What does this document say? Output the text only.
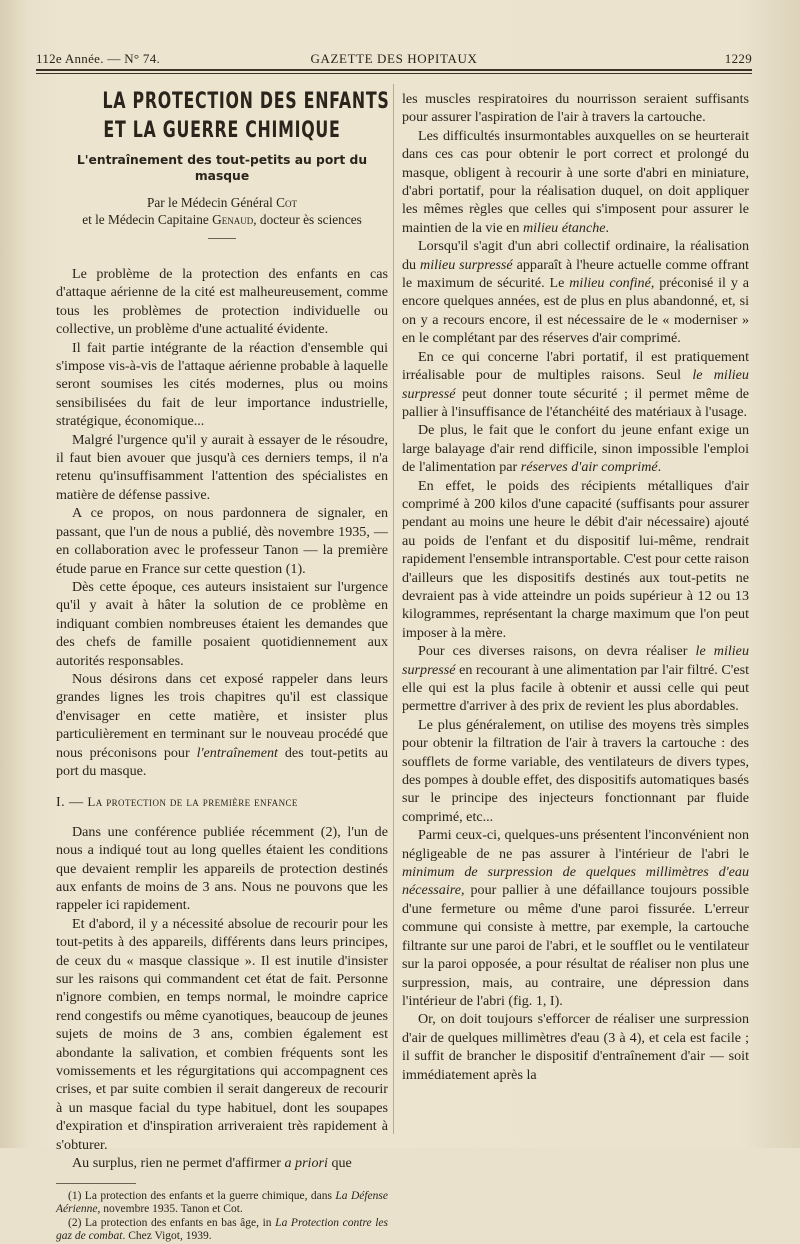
112e Année. — N° 74.	GAZETTE DES HOPITAUX	1229
LA PROTECTION DES ENFANTS
ET LA GUERRE CHIMIQUE
L'entraînement des tout-petits au port du masque
Par le Médecin Général Cot
et le Médecin Capitaine Genaud, docteur ès sciences

Le problème de la protection des enfants en cas d'attaque aérienne de la cité est malheureusement, comme tous les problèmes de protection individuelle ou collective, un problème d'une actualité évidente.

Il fait partie intégrante de la réaction d'ensemble qui s'impose vis-à-vis de l'attaque aérienne probable à laquelle seront soumises les cités modernes, plus ou moins sensibilisées du fait de leur importance industrielle, stratégique, économique...

Malgré l'urgence qu'il y aurait à essayer de le résoudre, il faut bien avouer que jusqu'à ces derniers temps, il n'a retenu qu'insuffisamment l'attention des spécialistes en matière de défense passive.

A ce propos, on nous pardonnera de signaler, en passant, que l'un de nous a publié, dès novembre 1935, — en collaboration avec le professeur Tanon — la première étude parue en France sur cette question (1).

Dès cette époque, ces auteurs insistaient sur l'urgence qu'il y avait à hâter la solution de ce problème en indiquant combien nombreuses étaient les demandes que des chefs de famille posaient quotidiennement aux autorités responsables.

Nous désirons dans cet exposé rappeler dans leurs grandes lignes les trois chapitres qu'il est classique d'envisager en cette matière, et insister plus particulièrement en terminant sur le nouveau procédé que nous préconisons pour l'entraînement des tout-petits au port du masque.

I. — La protection de la première enfance

Dans une conférence publiée récemment (2), l'un de nous a indiqué tout au long quelles étaient les conditions que devaient remplir les appareils de protection destinés aux enfants de moins de 3 ans. Nous ne pouvons que les rappeler ici rapidement.

Et d'abord, il y a nécessité absolue de recourir pour les tout-petits à des appareils, différents dans leurs principes, de ceux du « masque classique ». Il est inutile d'insister sur les raisons qui commandent cet état de fait. Personne n'ignore combien, en temps normal, le moindre caprice rend congestifs ou même cyanotiques, beaucoup de jeunes sujets de moins de 3 ans, combien également est abondante la salivation, et combien fréquents sont les vomissements et les régurgitations qui accompagnent ces crises, et par suite combien il serait dangereux de recourir à un masque facial du type habituel, dont les soupapes d'expiration et d'inspiration arriveraient très rapidement à s'obturer.

Au surplus, rien ne permet d'affirmer a priori que

(1) La protection des enfants et la guerre chimique, dans La Défense Aérienne, novembre 1935. Tanon et Cot.

(2) La protection des enfants en bas âge, in La Protection contre les gaz de combat. Chez Vigot, 1939.

les muscles respiratoires du nourrisson seraient suffisants pour assurer l'aspiration de l'air à travers la cartouche.

Les difficultés insurmontables auxquelles on se heurterait dans ces cas pour obtenir le port correct et prolongé du masque, obligent à recourir à une sorte d'abri en miniature, d'abri portatif, pour la réalisation duquel, on doit appliquer les mêmes règles que celles qui s'imposent pour assurer le maintien de la vie en milieu étanche.

Lorsqu'il s'agit d'un abri collectif ordinaire, la réalisation du milieu surpressé apparaît à l'heure actuelle comme offrant le maximum de sécurité. Le milieu confiné, préconisé il y a encore quelques années, est de plus en plus abandonné, et, si on y a recours encore, il est nécessaire de le « moderniser » en le complétant par des réserves d'air comprimé.

En ce qui concerne l'abri portatif, il est pratiquement irréalisable pour de multiples raisons. Seul le milieu surpressé peut donner toute sécurité ; il permet même de pallier à l'insuffisance de l'étanchéité des matériaux à l'usage.

De plus, le fait que le confort du jeune enfant exige un large balayage d'air rend difficile, sinon impossible l'emploi de l'alimentation par réserves d'air comprimé.

En effet, le poids des récipients métalliques d'air comprimé à 200 kilos d'une capacité (suffisants pour assurer pendant au moins une heure le débit d'air nécessaire) ajouté au poids de l'enfant et du dispositif lui-même, rendrait rapidement l'ensemble intransportable. C'est pour cette raison d'ailleurs que les dispositifs destinés aux tout-petits ne devraient pas à vide atteindre un poids supérieur à 12 ou 13 kilogrammes, représentant la charge maximum que l'on peut imposer à la mère.

Pour ces diverses raisons, on devra réaliser le milieu surpressé en recourant à une alimentation par l'air filtré. C'est elle qui est la plus facile à obtenir et aussi celle qui peut permettre d'arriver à des prix de revient les plus abordables.

Le plus généralement, on utilise des moyens très simples pour obtenir la filtration de l'air à travers la cartouche : des soufflets de forme variable, des ventilateurs de divers types, des pompes à double effet, des dispositifs automatiques basés sur le principe des injecteurs fonctionnant par fluide comprimé, etc...

Parmi ceux-ci, quelques-uns présentent l'inconvénient non négligeable de ne pas assurer à l'intérieur de l'abri le minimum de surpression de quelques millimètres d'eau nécessaire, pour pallier à une défaillance toujours possible d'une fermeture ou même d'une paroi fissurée. L'erreur commune qui consiste à mettre, par exemple, la cartouche filtrante sur une paroi de l'abri, et le soufflet ou le ventilateur sur la paroi opposée, a pour résultat de réaliser non plus une surpression, mais, au contraire, une dépression dans l'intérieur de l'abri (fig. 1, I).

Or, on doit toujours s'efforcer de réaliser une surpression d'air de quelques millimètres d'eau (3 à 4), et cela est facile ; il suffit de brancher le dispositif d'entraînement d'air — soit immédiatement après la
